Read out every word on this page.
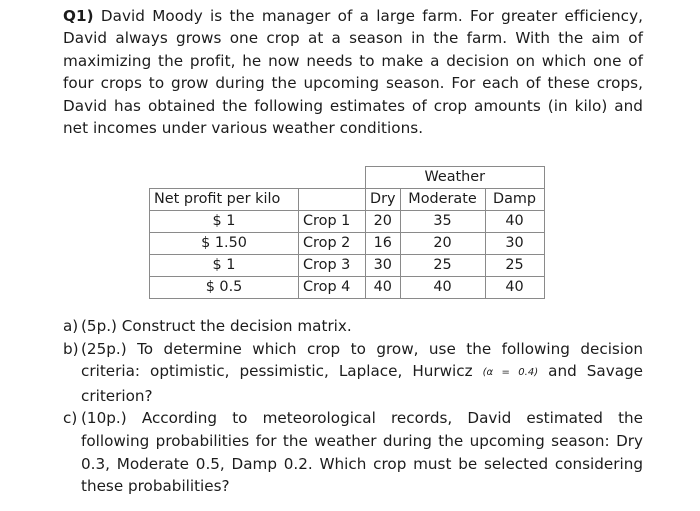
Q1) David Moody is the manager of a large farm. For greater efficiency, David always grows one crop at a season in the farm. With the aim of maximizing the profit, he now needs to make a decision on which one of four crops to grow during the upcoming season. For each of these crops, David has obtained the following estimates of crop amounts (in kilo) and net incomes under various weather conditions.
		Weather		
Net profit per kilo		Dry	Moderate	Damp
$ 1	Crop 1	20	35	40
$ 1.50	Crop 2	16	20	30
$ 1	Crop 3	30	25	25
$ 0.5	Crop 4	40	40	40
a) (5p.) Construct the decision matrix.
b) (25p.) To determine which crop to grow, use the following decision criteria: optimistic, pessimistic, Laplace, Hurwicz (α = 0.4) and Savage criterion?
c) (10p.) According to meteorological records, David estimated the following probabilities for the weather during the upcoming season: Dry 0.3, Moderate 0.5, Damp 0.2. Which crop must be selected considering these probabilities?
